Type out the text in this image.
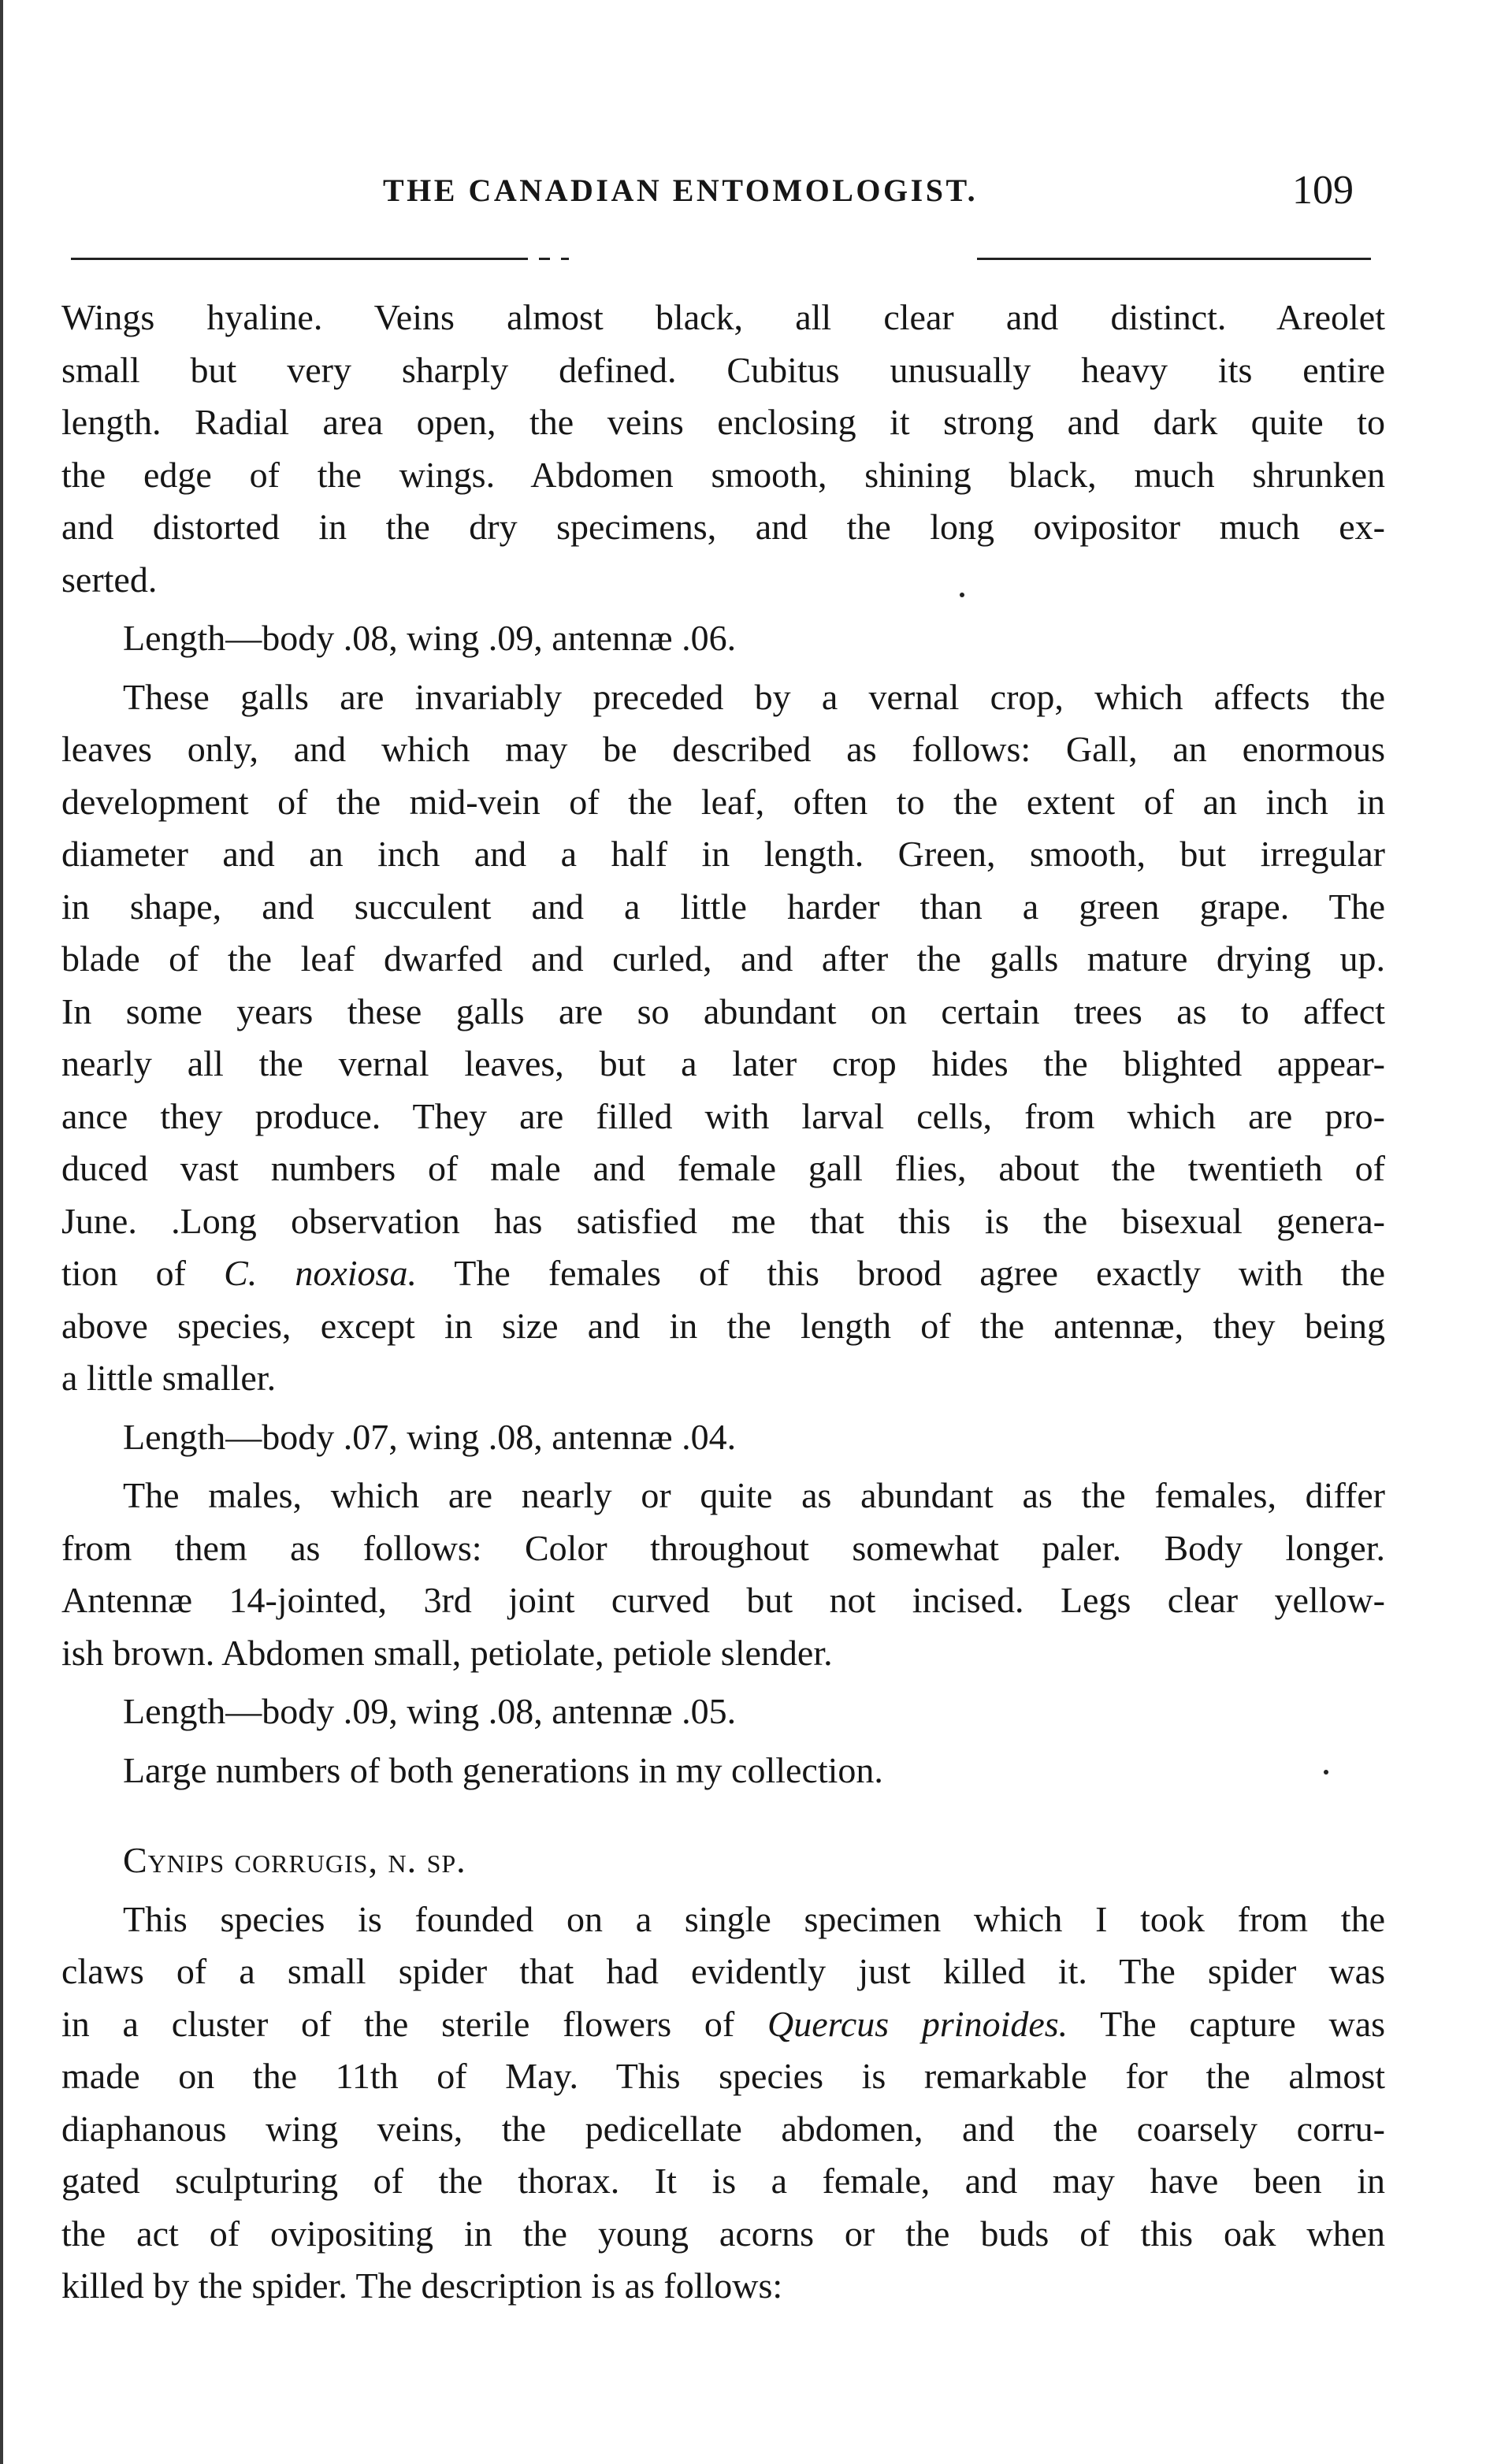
THE CANADIAN ENTOMOLOGIST.	109
Wings hyaline. Veins almost black, all clear and distinct. Areolet
small but very sharply defined. Cubitus unusually heavy its entire
length. Radial area open, the veins enclosing it strong and dark quite to
the edge of the wings. Abdomen smooth, shining black, much shrunken
and distorted in the dry specimens, and the long ovipositor much ex-
serted.
Length—body .08, wing .09, antennæ .06.
These galls are invariably preceded by a vernal crop, which affects the
leaves only, and which may be described as follows: Gall, an enormous
development of the mid-vein of the leaf, often to the extent of an inch in
diameter and an inch and a half in length. Green, smooth, but irregular
in shape, and succulent and a little harder than a green grape. The
blade of the leaf dwarfed and curled, and after the galls mature drying up.
In some years these galls are so abundant on certain trees as to affect
nearly all the vernal leaves, but a later crop hides the blighted appear-
ance they produce. They are filled with larval cells, from which are pro-
duced vast numbers of male and female gall flies, about the twentieth of
June. .Long observation has satisfied me that this is the bisexual genera-
tion of C. noxiosa. The females of this brood agree exactly with the
above species, except in size and in the length of the antennæ, they being
a little smaller.
Length—body .07, wing .08, antennæ .04.
The males, which are nearly or quite as abundant as the females, differ
from them as follows: Color throughout somewhat paler. Body longer.
Antennæ 14-jointed, 3rd joint curved but not incised. Legs clear yellow-
ish brown. Abdomen small, petiolate, petiole slender.
Length—body .09, wing .08, antennæ .05.
Large numbers of both generations in my collection.
Cynips corrugis, n. sp.
This species is founded on a single specimen which I took from the
claws of a small spider that had evidently just killed it. The spider was
in a cluster of the sterile flowers of Quercus prinoides. The capture was
made on the 11th of May. This species is remarkable for the almost
diaphanous wing veins, the pedicellate abdomen, and the coarsely corru-
gated sculpturing of the thorax. It is a female, and may have been in
the act of ovipositing in the young acorns or the buds of this oak when
killed by the spider. The description is as follows:
